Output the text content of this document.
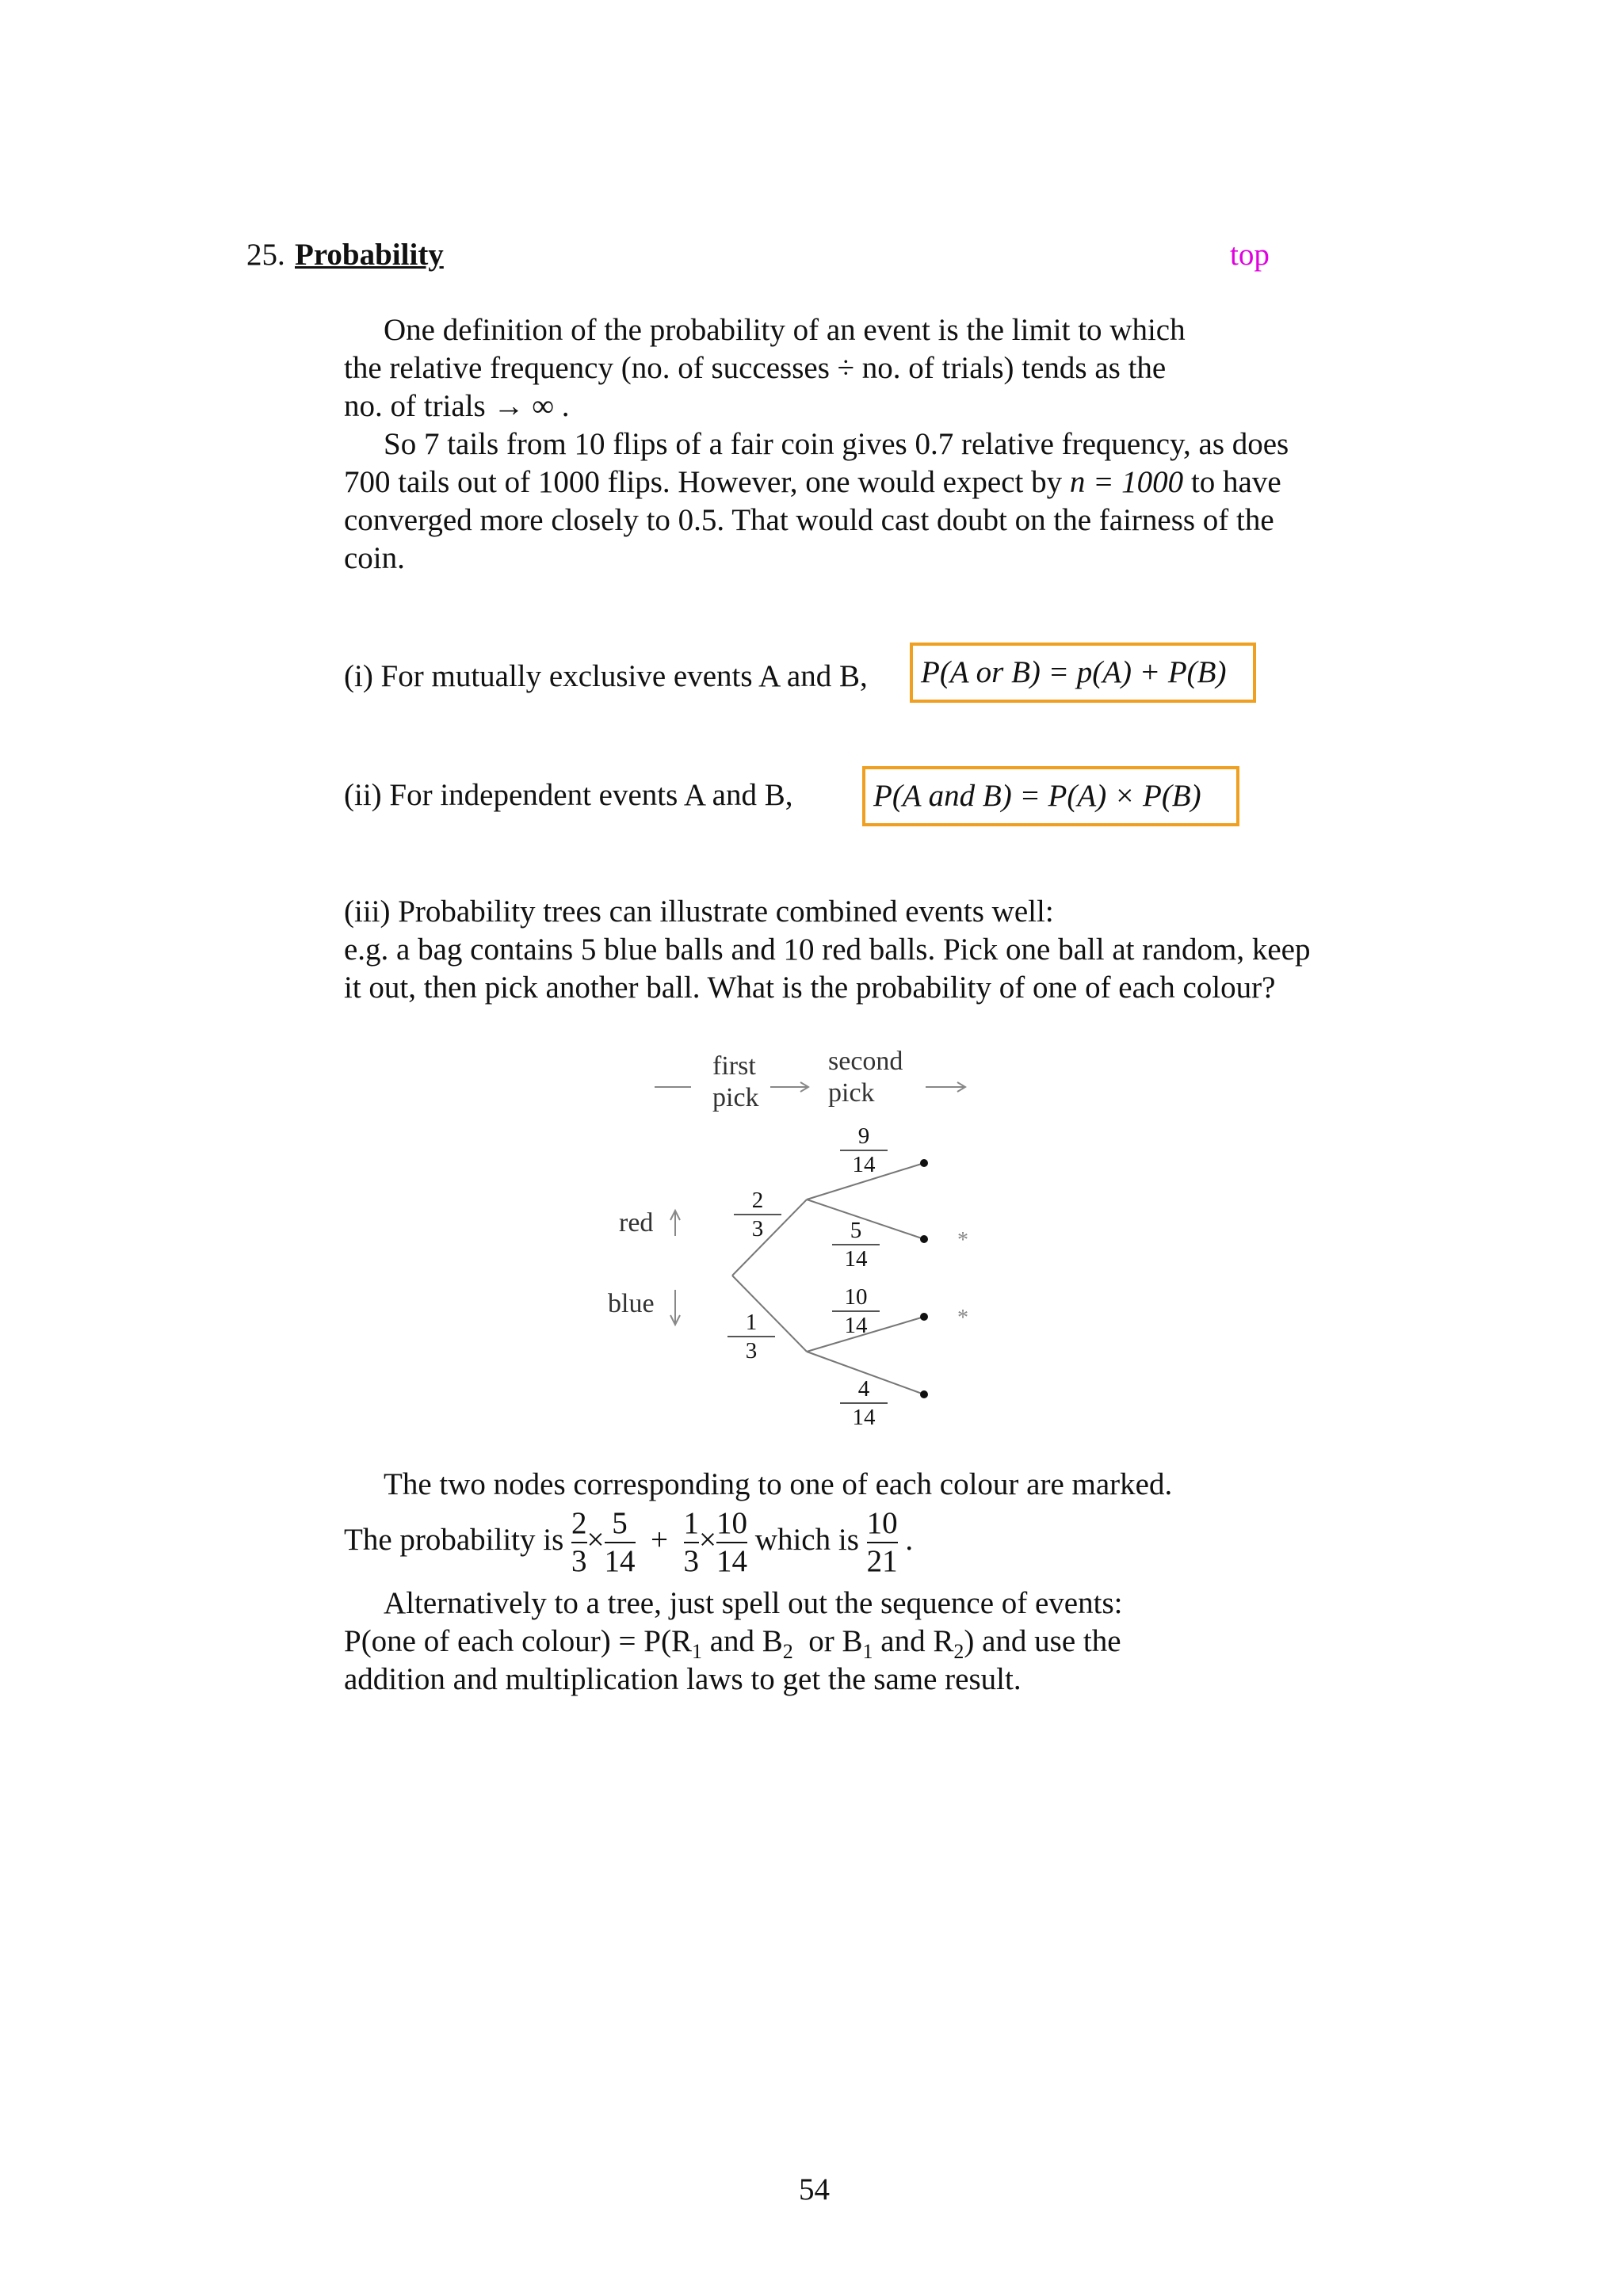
25. Probability	top
One definition of the probability of an event is the limit to which
the relative frequency (no. of successes ÷ no. of trials) tends as the
no. of trials → ∞ .
So 7 tails from 10 flips of a fair coin gives 0.7 relative frequency, as does
700 tails out of 1000 flips. However, one would expect by n = 1000 to have
converged more closely to 0.5. That would cast doubt on the fairness of the
coin.
(i) For mutually exclusive events A and B, P(A or B) = p(A) + P(B)
(ii) For independent events A and B,	P(A and B) = P(A) × P(B)
(iii) Probability trees can illustrate combined events well:
e.g. a bag contains 5 blue balls and 10 red balls. Pick one ball at random, keep
it out, then pick another ball. What is the probability of one of each colour?
first
pick
second
pick
red
blue
$\frac{2}{3}$
$\frac{1}{3}$
$\frac{9}{14}$
$\frac{5}{14}$
$\frac{10}{14}$
$\frac{4}{14}$
*
*
The two nodes corresponding to one of each colour are marked.
The probability is $\frac{2}{3} \times \frac{5}{14} + \frac{1}{3} \times \frac{10}{14}$ which is $\frac{10}{21}$ .
Alternatively to a tree, just spell out the sequence of events:
P(one of each colour) = $P(R_1$ and $B_2$ or $B_1$ and $R_2$) and use the
addition and multiplication laws to get the same result.
54
